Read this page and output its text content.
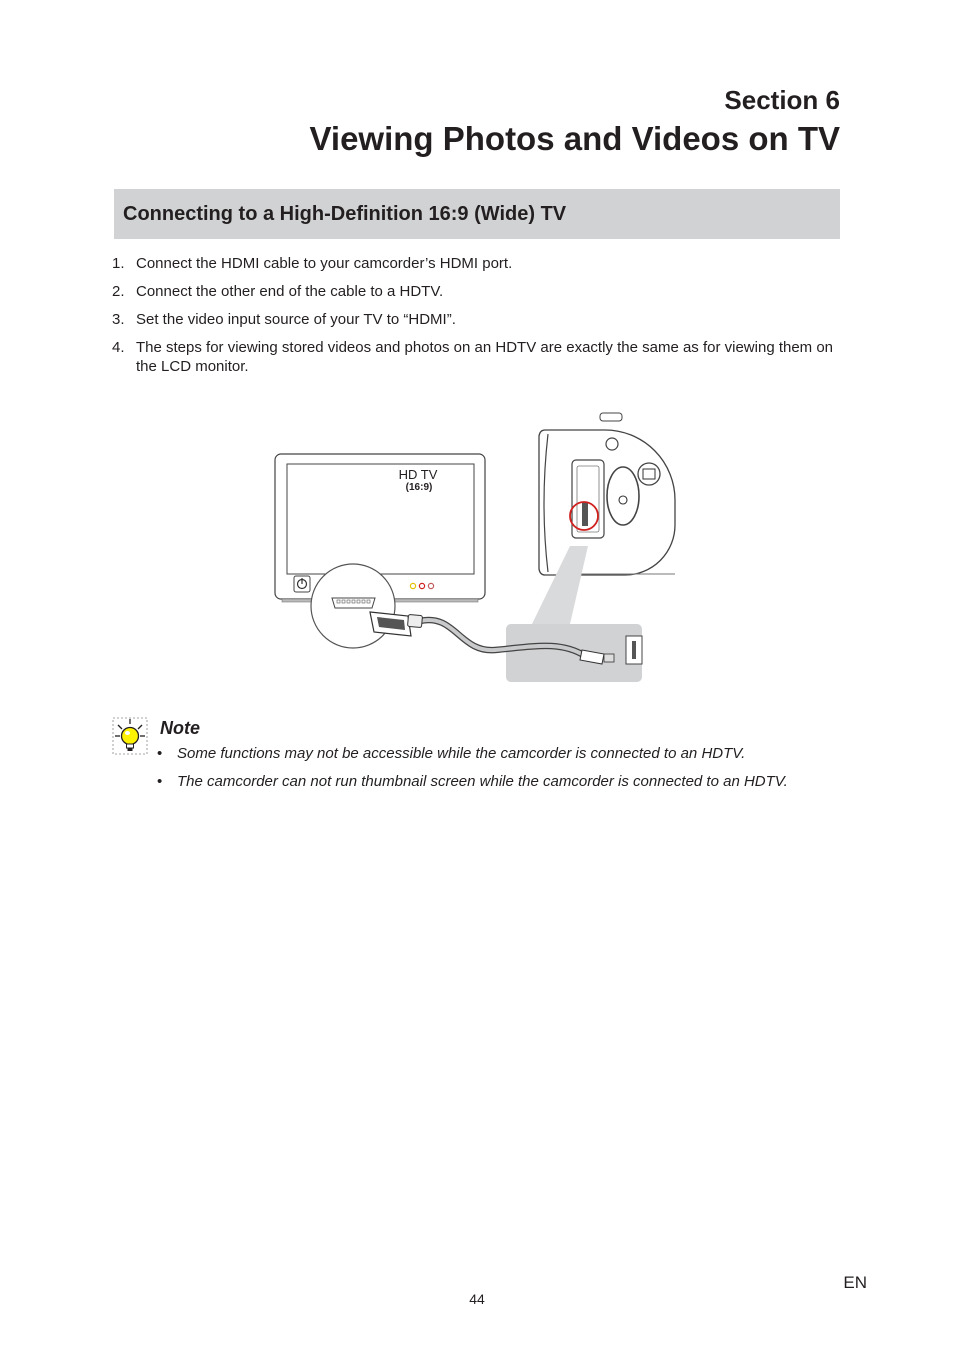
Section 6
Viewing Photos and Videos on TV
Connecting to a High-Definition 16:9 (Wide) TV
1. Connect the HDMI cable to your camcorder’s HDMI port.
2. Connect the other end of the cable to a HDTV.
3. Set the video input source of your TV to “HDMI”.
4. The steps for viewing stored videos and photos on an HDTV are exactly the same as for viewing them on the LCD monitor.
HD TV
(16:9)
Note
• Some functions may not be accessible while the camcorder is connected to an HDTV.
• The camcorder can not run thumbnail screen while the camcorder is connected to an HDTV.
EN
44
